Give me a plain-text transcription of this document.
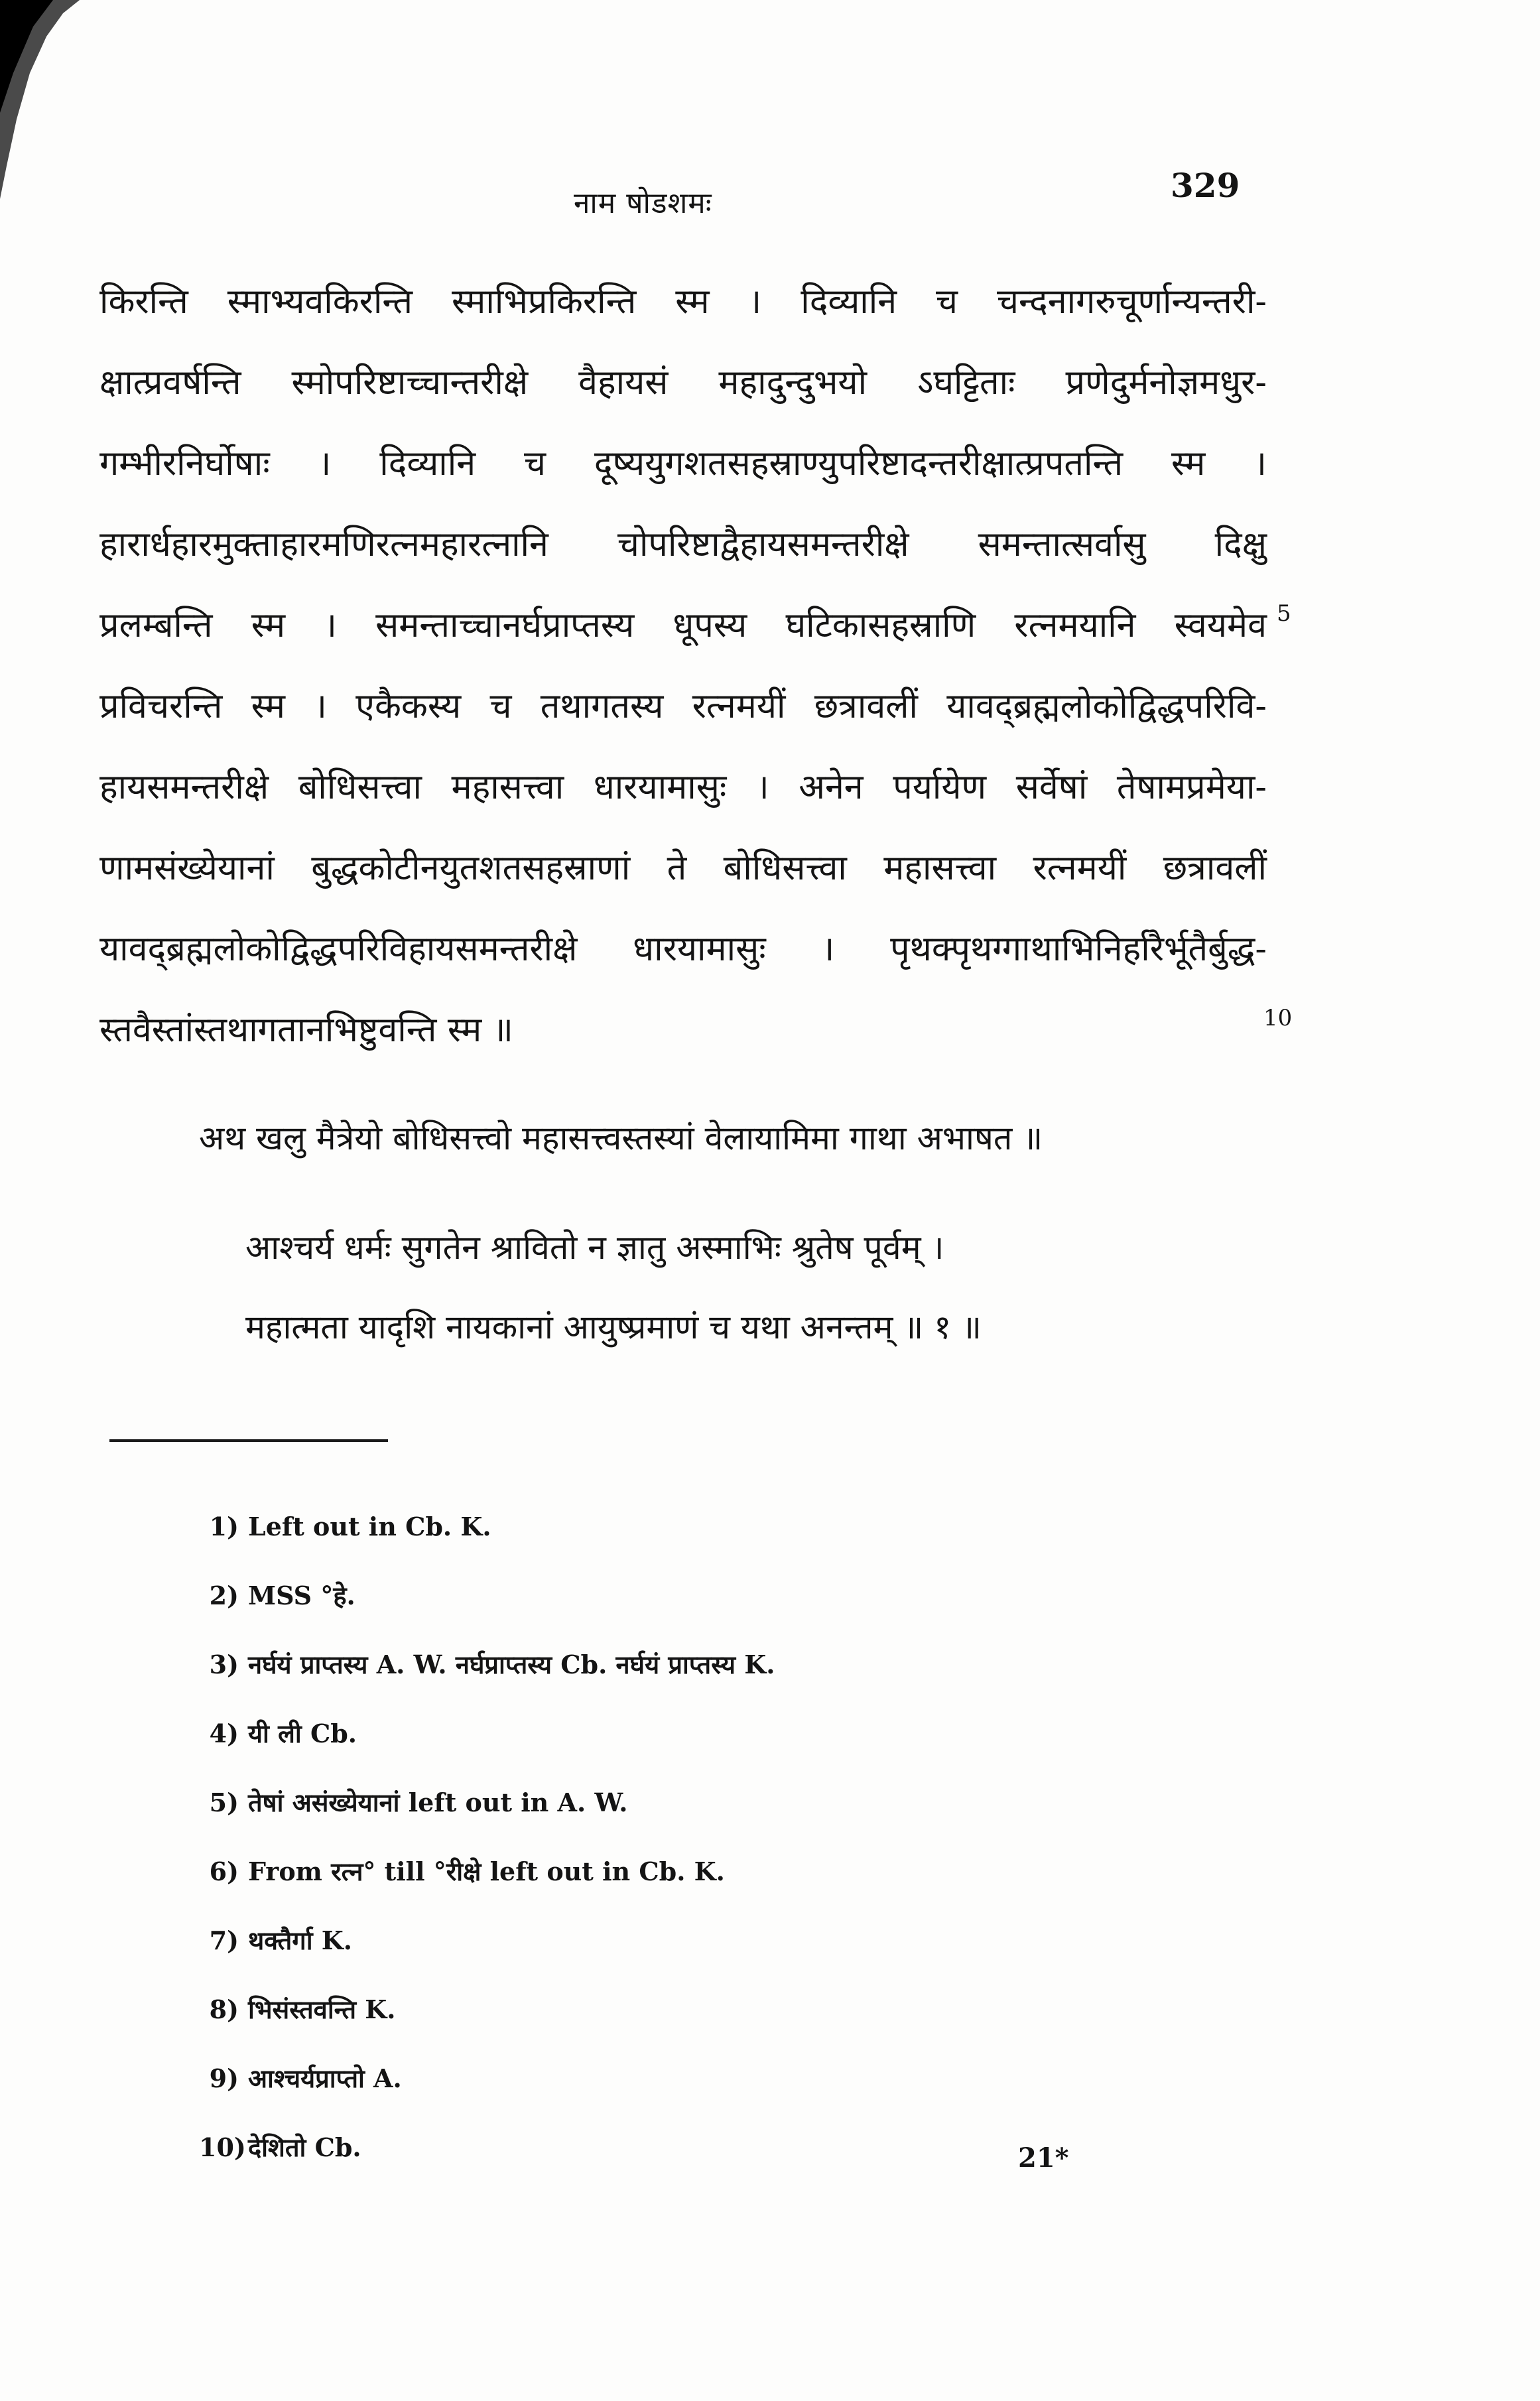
नाम षोडशमः	329
किरन्ति स्माभ्यवकिरन्ति स्माभिप्रकिरन्ति स्म । दिव्यानि च चन्दनागरुचूर्णान्यन्तरी-
क्षात्प्रवर्षन्ति स्मोपरिष्टाच्चान्तरीक्षे वैहायसं महादुन्दुभयो ऽघट्टिताः प्रणेदुर्मनोज्ञमधुर-
गम्भीरनिर्घोषाः । दिव्यानि च दूष्ययुगशतसहस्राण्युपरिष्टादन्तरीक्षात्प्रपतन्ति स्म ।
हारार्धहारमुक्ताहारमणिरत्नमहारत्नानि चोपरिष्टाद्वैहायसमन्तरीक्षे समन्तात्सर्वासु दिक्षु
प्रलम्बन्ति स्म । समन्ताच्चानर्घप्राप्तस्य धूपस्य घटिकासहस्राणि रत्नमयानि स्वयमेव
प्रविचरन्ति स्म । एकैकस्य च तथागतस्य रत्नमयीं छत्रावलीं यावद्ब्रह्मलोकोद्विद्धपरिवि-
हायसमन्तरीक्षे बोधिसत्त्वा महासत्त्वा धारयामासुः । अनेन पर्यायेण सर्वेषां तेषामप्रमेया-
णामसंख्येयानां बुद्धकोटीनयुतशतसहस्राणां ते बोधिसत्त्वा महासत्त्वा रत्नमयीं छत्रावलीं
यावद्ब्रह्मलोकोद्विद्धपरिविहायसमन्तरीक्षे धारयामासुः । पृथक्पृथग्गाथाभिनिर्हारैर्भूतैर्बुद्ध-
स्तवैस्तांस्तथागतानभिष्टुवन्ति स्म ॥
5
10
अथ खलु मैत्रेयो बोधिसत्त्वो महासत्त्वस्तस्यां वेलायामिमा गाथा अभाषत ॥
आश्चर्य धर्मः सुगतेन श्रावितो न ज्ञातु अस्माभिः श्रुतेष पूर्वम् ।
महात्मता यादृशि नायकानां आयुष्प्रमाणं च यथा अनन्तम् ॥ १ ॥
1) Left out in Cb. K.
2) MSS °हे.
3) नर्घयं प्राप्तस्य A. W. नर्घप्राप्तस्य Cb. नर्घयं प्राप्तस्य K.
4) यी ली Cb.
5) तेषां असंख्येयानां left out in A. W.
6) From रत्न° till °रीक्षे left out in Cb. K.
7) थक्तैर्गा K.
8) भिसंस्तवन्ति K.
9) आश्चर्यप्राप्तो A.
10)देशितो Cb.	21*
